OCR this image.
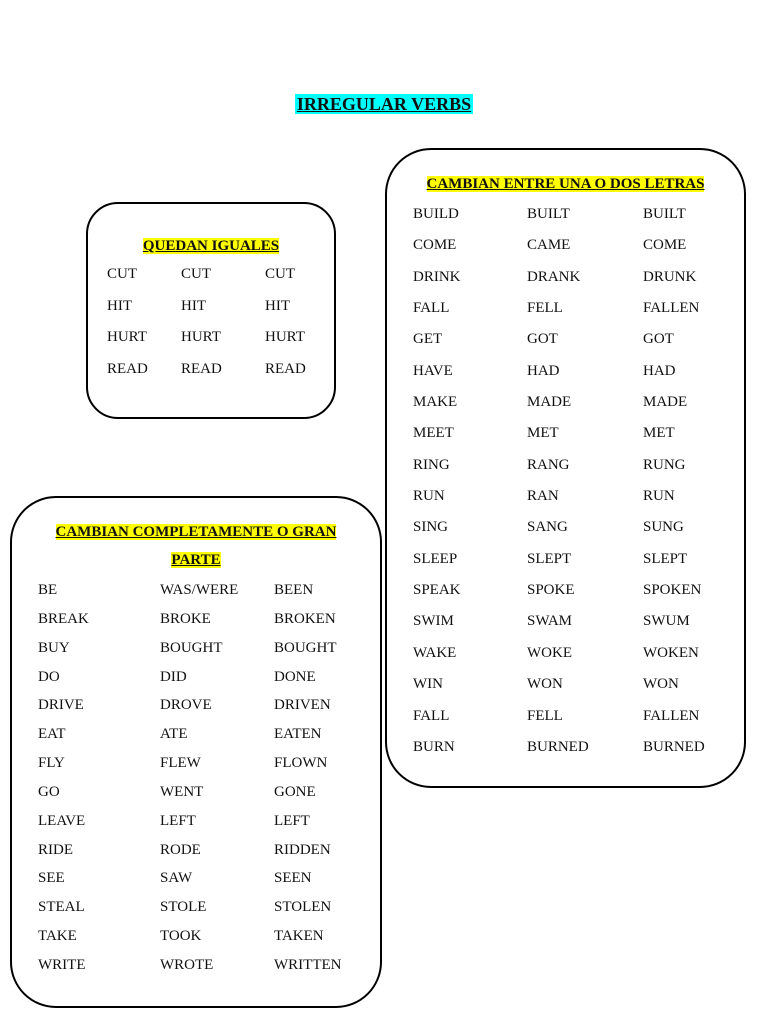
IRREGULAR VERBS
QUEDAN IGUALES
CUT	CUT	CUT
HIT	HIT	HIT
HURT HURT	HURT
READ READ	READ
CAMBIAN ENTRE UNA O DOS LETRAS
BUILD	BUILT	BUILT
COME	CAME	COME
DRINK	DRANK	DRUNK
FALL	FELL	FALLEN
GET	GOT	GOT
HAVE	HAD	HAD
MAKE	MADE	MADE
MEET	MET	MET
RING	RANG	RUNG
RUN	RAN	RUN
SING	SANG	SUNG
SLEEP	SLEPT	SLEPT
SPEAK	SPOKE	SPOKEN
SWIM	SWAM	SWUM
WAKE	WOKE	WOKEN
WIN	WON	WON
FALL	FELL	FALLEN
BURN	BURNED	BURNED
CAMBIAN COMPLETAMENTE O GRAN PARTE
BE	WAS/WERE BEEN
BREAK	BROKE	BROKEN
BUY	BOUGHT	BOUGHT
DO	DID	DONE
DRIVE	DROVE	DRIVEN
EAT	ATE	EATEN
FLY	FLEW	FLOWN
GO	WENT	GONE
LEAVE	LEFT	LEFT
RIDE	RODE	RIDDEN
SEE	SAW	SEEN
STEAL	STOLE	STOLEN
TAKE	TOOK	TAKEN
WRITE	WROTE	WRITTEN
